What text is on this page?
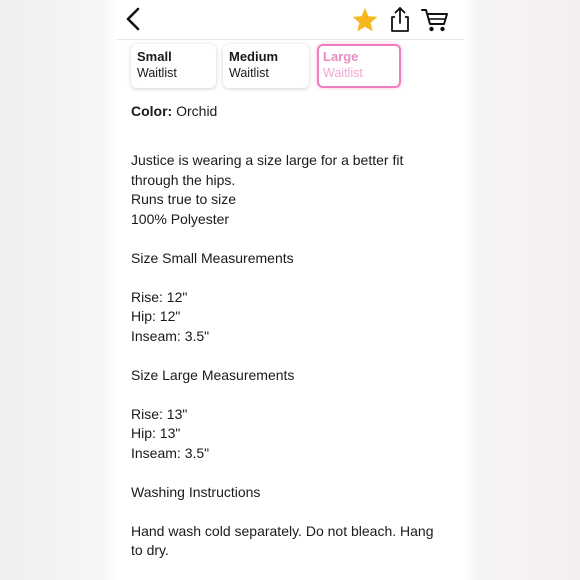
Small
Waitlist
Medium
Waitlist
Large
Waitlist
Color: Orchid
Justice is wearing a size large for a better fit
through the hips.
Runs true to size
100% Polyester
Size Small Measurements
Rise: 12"
Hip: 12"
Inseam: 3.5"
Size Large Measurements
Rise: 13"
Hip: 13"
Inseam: 3.5"
Washing Instructions
Hand wash cold separately. Do not bleach. Hang
to dry.
